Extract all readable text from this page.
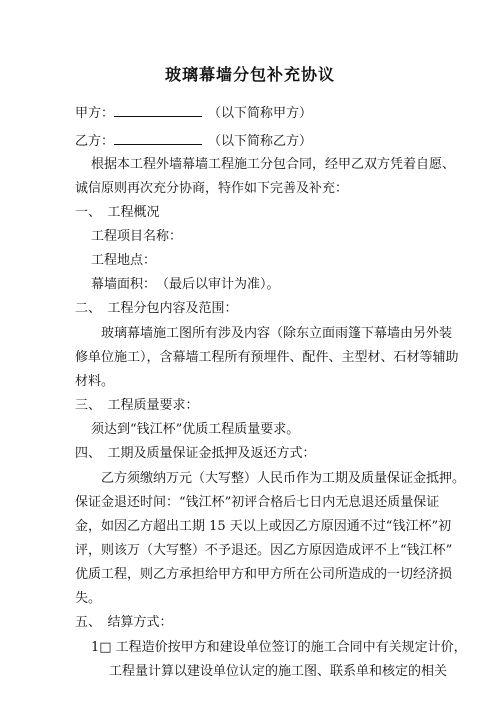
玻璃幕墙分包补充协议
甲方：	（以下简称甲方）
乙方：	（以下简称乙方）
根据本工程外墙幕墙工程施工分包合同，经甲乙双方凭着自愿、
诚信原则再次充分协商，特作如下完善及补充：
一、　工程概况
工程项目名称：
工程地点：
幕墙面积：　（最后以审计为准）。
二、　工程分包内容及范围：
玻璃幕墙施工图所有涉及内容（除东立面雨篷下幕墙由另外装
修单位施工），含幕墙工程所有预埋件、配件、主型材、石材等辅助
材料。
三、　工程质量要求：
须达到“钱江杯”优质工程质量要求。
四、　工期及质量保证金抵押及返还方式：
乙方须缴纳万元（大写整）人民币作为工期及质量保证金抵押。
保证金退还时间：“钱江杯”初评合格后七日内无息退还质量保证
金，如因乙方超出工期 15 天以上或因乙方原因通不过“钱江杯”初
评，则该万（大写整）不予退还。因乙方原因造成评不上“钱江杯”
优质工程，则乙方承担给甲方和甲方所在公司所造成的一切经济损
失。
五、　结算方式：
1□ 工程造价按甲方和建设单位签订的施工合同中有关规定计价，
工程量计算以建设单位认定的施工图、联系单和核定的相关
